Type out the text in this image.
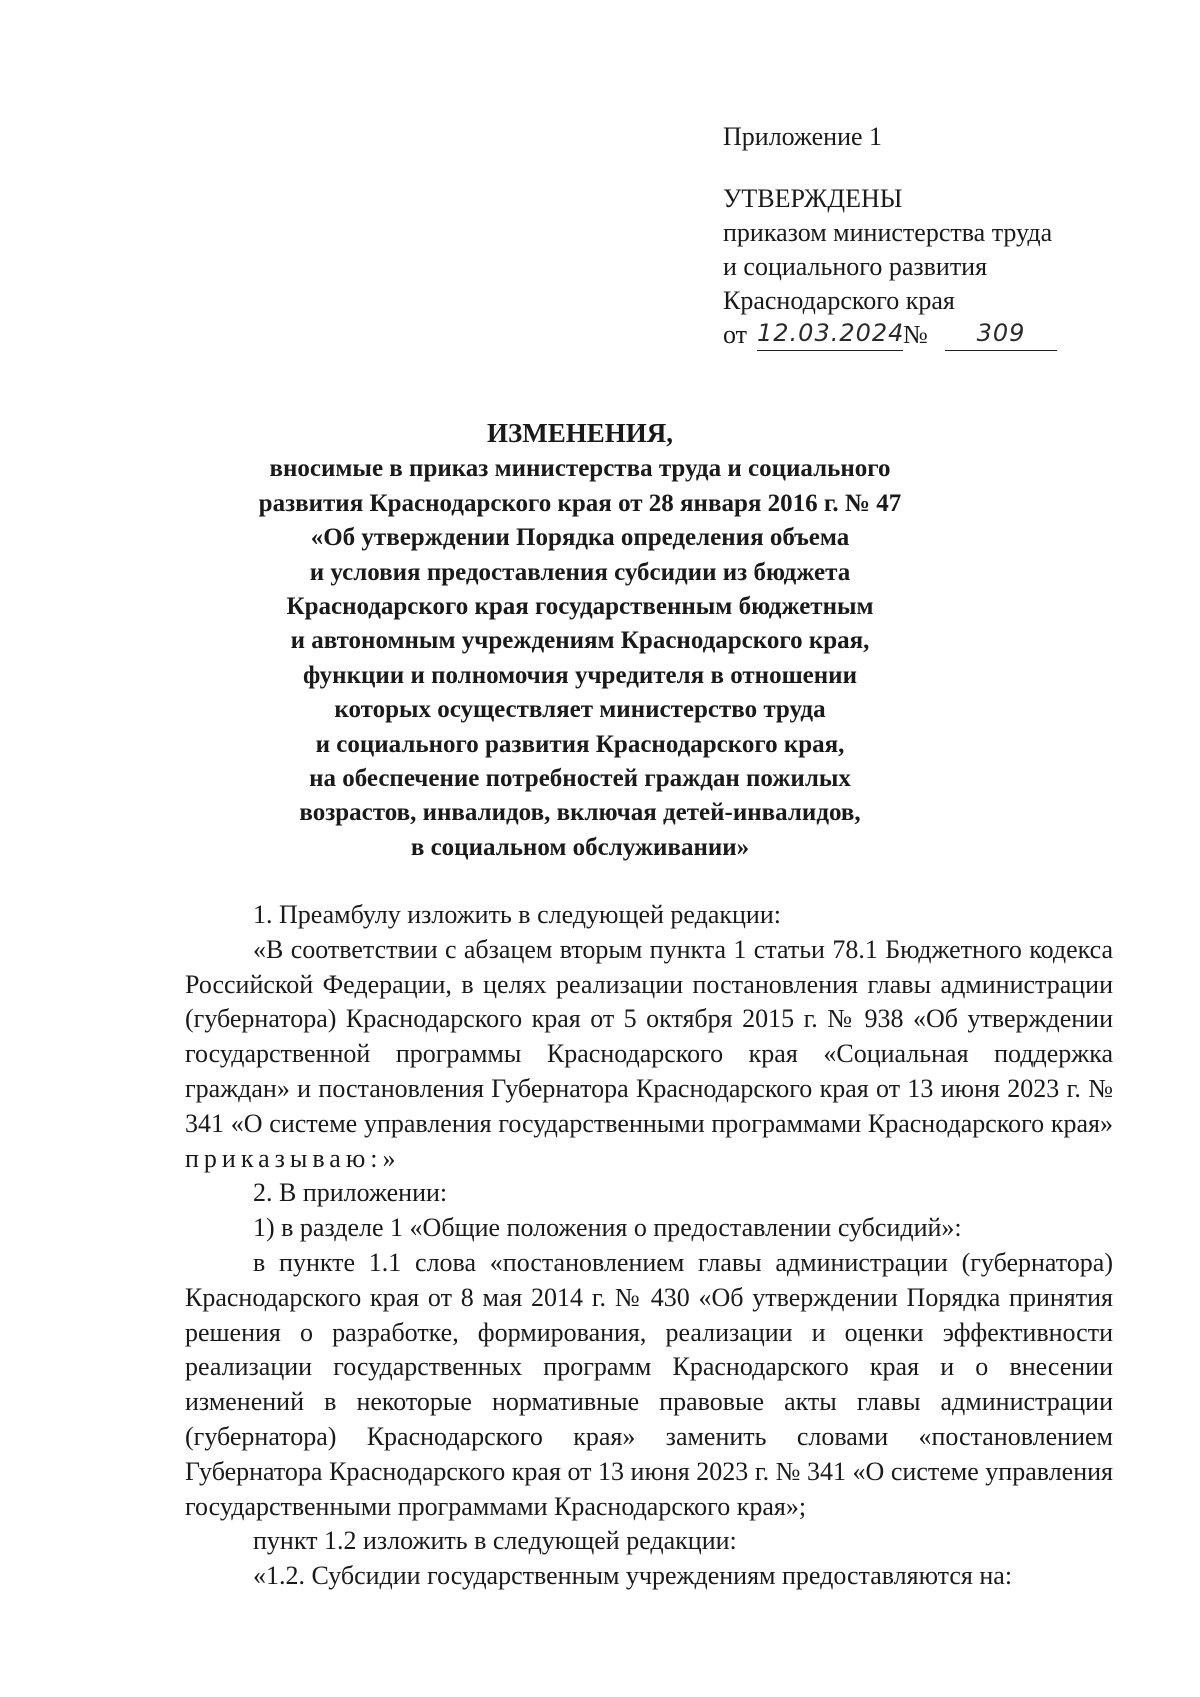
Приложение 1
УТВЕРЖДЕНЫ
приказом министерства труда
и социального развития
Краснодарского края
от 12.03.2024
№	309
ИЗМЕНЕНИЯ,
вносимые в приказ министерства труда и социального
развития Краснодарского края от 28 января 2016 г. № 47
«Об утверждении Порядка определения объема
и условия предоставления субсидии из бюджета
Краснодарского края государственным бюджетным
и автономным учреждениям Краснодарского края,
функции и полномочия учредителя в отношении
которых осуществляет министерство труда
и социального развития Краснодарского края,
на обеспечение потребностей граждан пожилых
возрастов, инвалидов, включая детей-инвалидов,
в социальном обслуживании»

1. Преамбулу изложить в следующей редакции:

«В соответствии с абзацем вторым пункта 1 статьи 78.1 Бюджетного кодекса Российской Федерации, в целях реализации постановления главы администрации (губернатора) Краснодарского края от 5 октября 2015 г. № 938 «Об утверждении государственной программы Краснодарского края «Социальная поддержка граждан» и постановления Губернатора Краснодарского края от 13 июня 2023 г. № 341 «О системе управления государственными программами Краснодарского края» приказываю:»

2. В приложении:

1) в разделе 1 «Общие положения о предоставлении субсидий»:

в пункте 1.1 слова «постановлением главы администрации (губернатора) Краснодарского края от 8 мая 2014 г. № 430 «Об утверждении Порядка принятия решения о разработке, формирования, реализации и оценки эффективности реализации государственных программ Краснодарского края и о внесении изменений в некоторые нормативные правовые акты главы администрации (губернатора) Краснодарского края» заменить словами «постановлением Губернатора Краснодарского края от 13 июня 2023 г. № 341 «О системе управления государственными программами Краснодарского края»;

пункт 1.2 изложить в следующей редакции:

«1.2. Субсидии государственным учреждениям предоставляются на:
